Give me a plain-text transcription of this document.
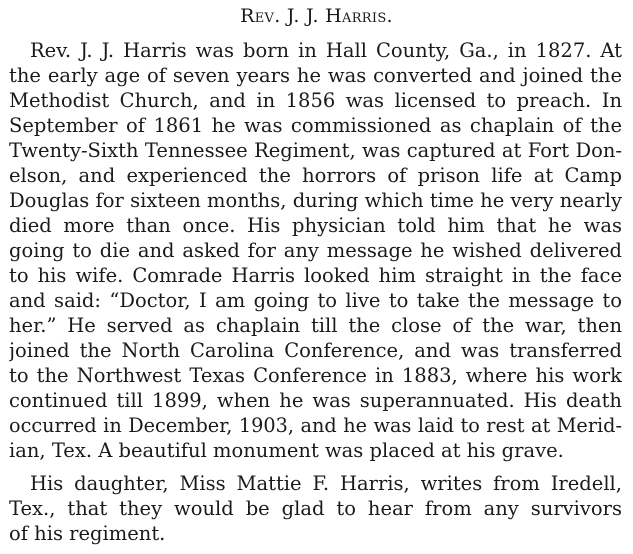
Rev. J. J. Harris.
Rev. J. J. Harris was born in Hall County, Ga., in 1827. At
the early age of seven years he was converted and joined the
Methodist Church, and in 1856 was licensed to preach. In
September of 1861 he was commissioned as chaplain of the
Twenty-Sixth Tennessee Regiment, was captured at Fort Don-
elson, and experienced the horrors of prison life at Camp
Douglas for sixteen months, during which time he very nearly
died more than once. His physician told him that he was
going to die and asked for any message he wished delivered
to his wife. Comrade Harris looked him straight in the face
and said: “Doctor, I am going to live to take the message to
her.” He served as chaplain till the close of the war, then
joined the North Carolina Conference, and was transferred
to the Northwest Texas Conference in 1883, where his work
continued till 1899, when he was superannuated. His death
occurred in December, 1903, and he was laid to rest at Merid-
ian, Tex. A beautiful monument was placed at his grave.
His daughter, Miss Mattie F. Harris, writes from Iredell,
Tex., that they would be glad to hear from any survivors
of his regiment.
